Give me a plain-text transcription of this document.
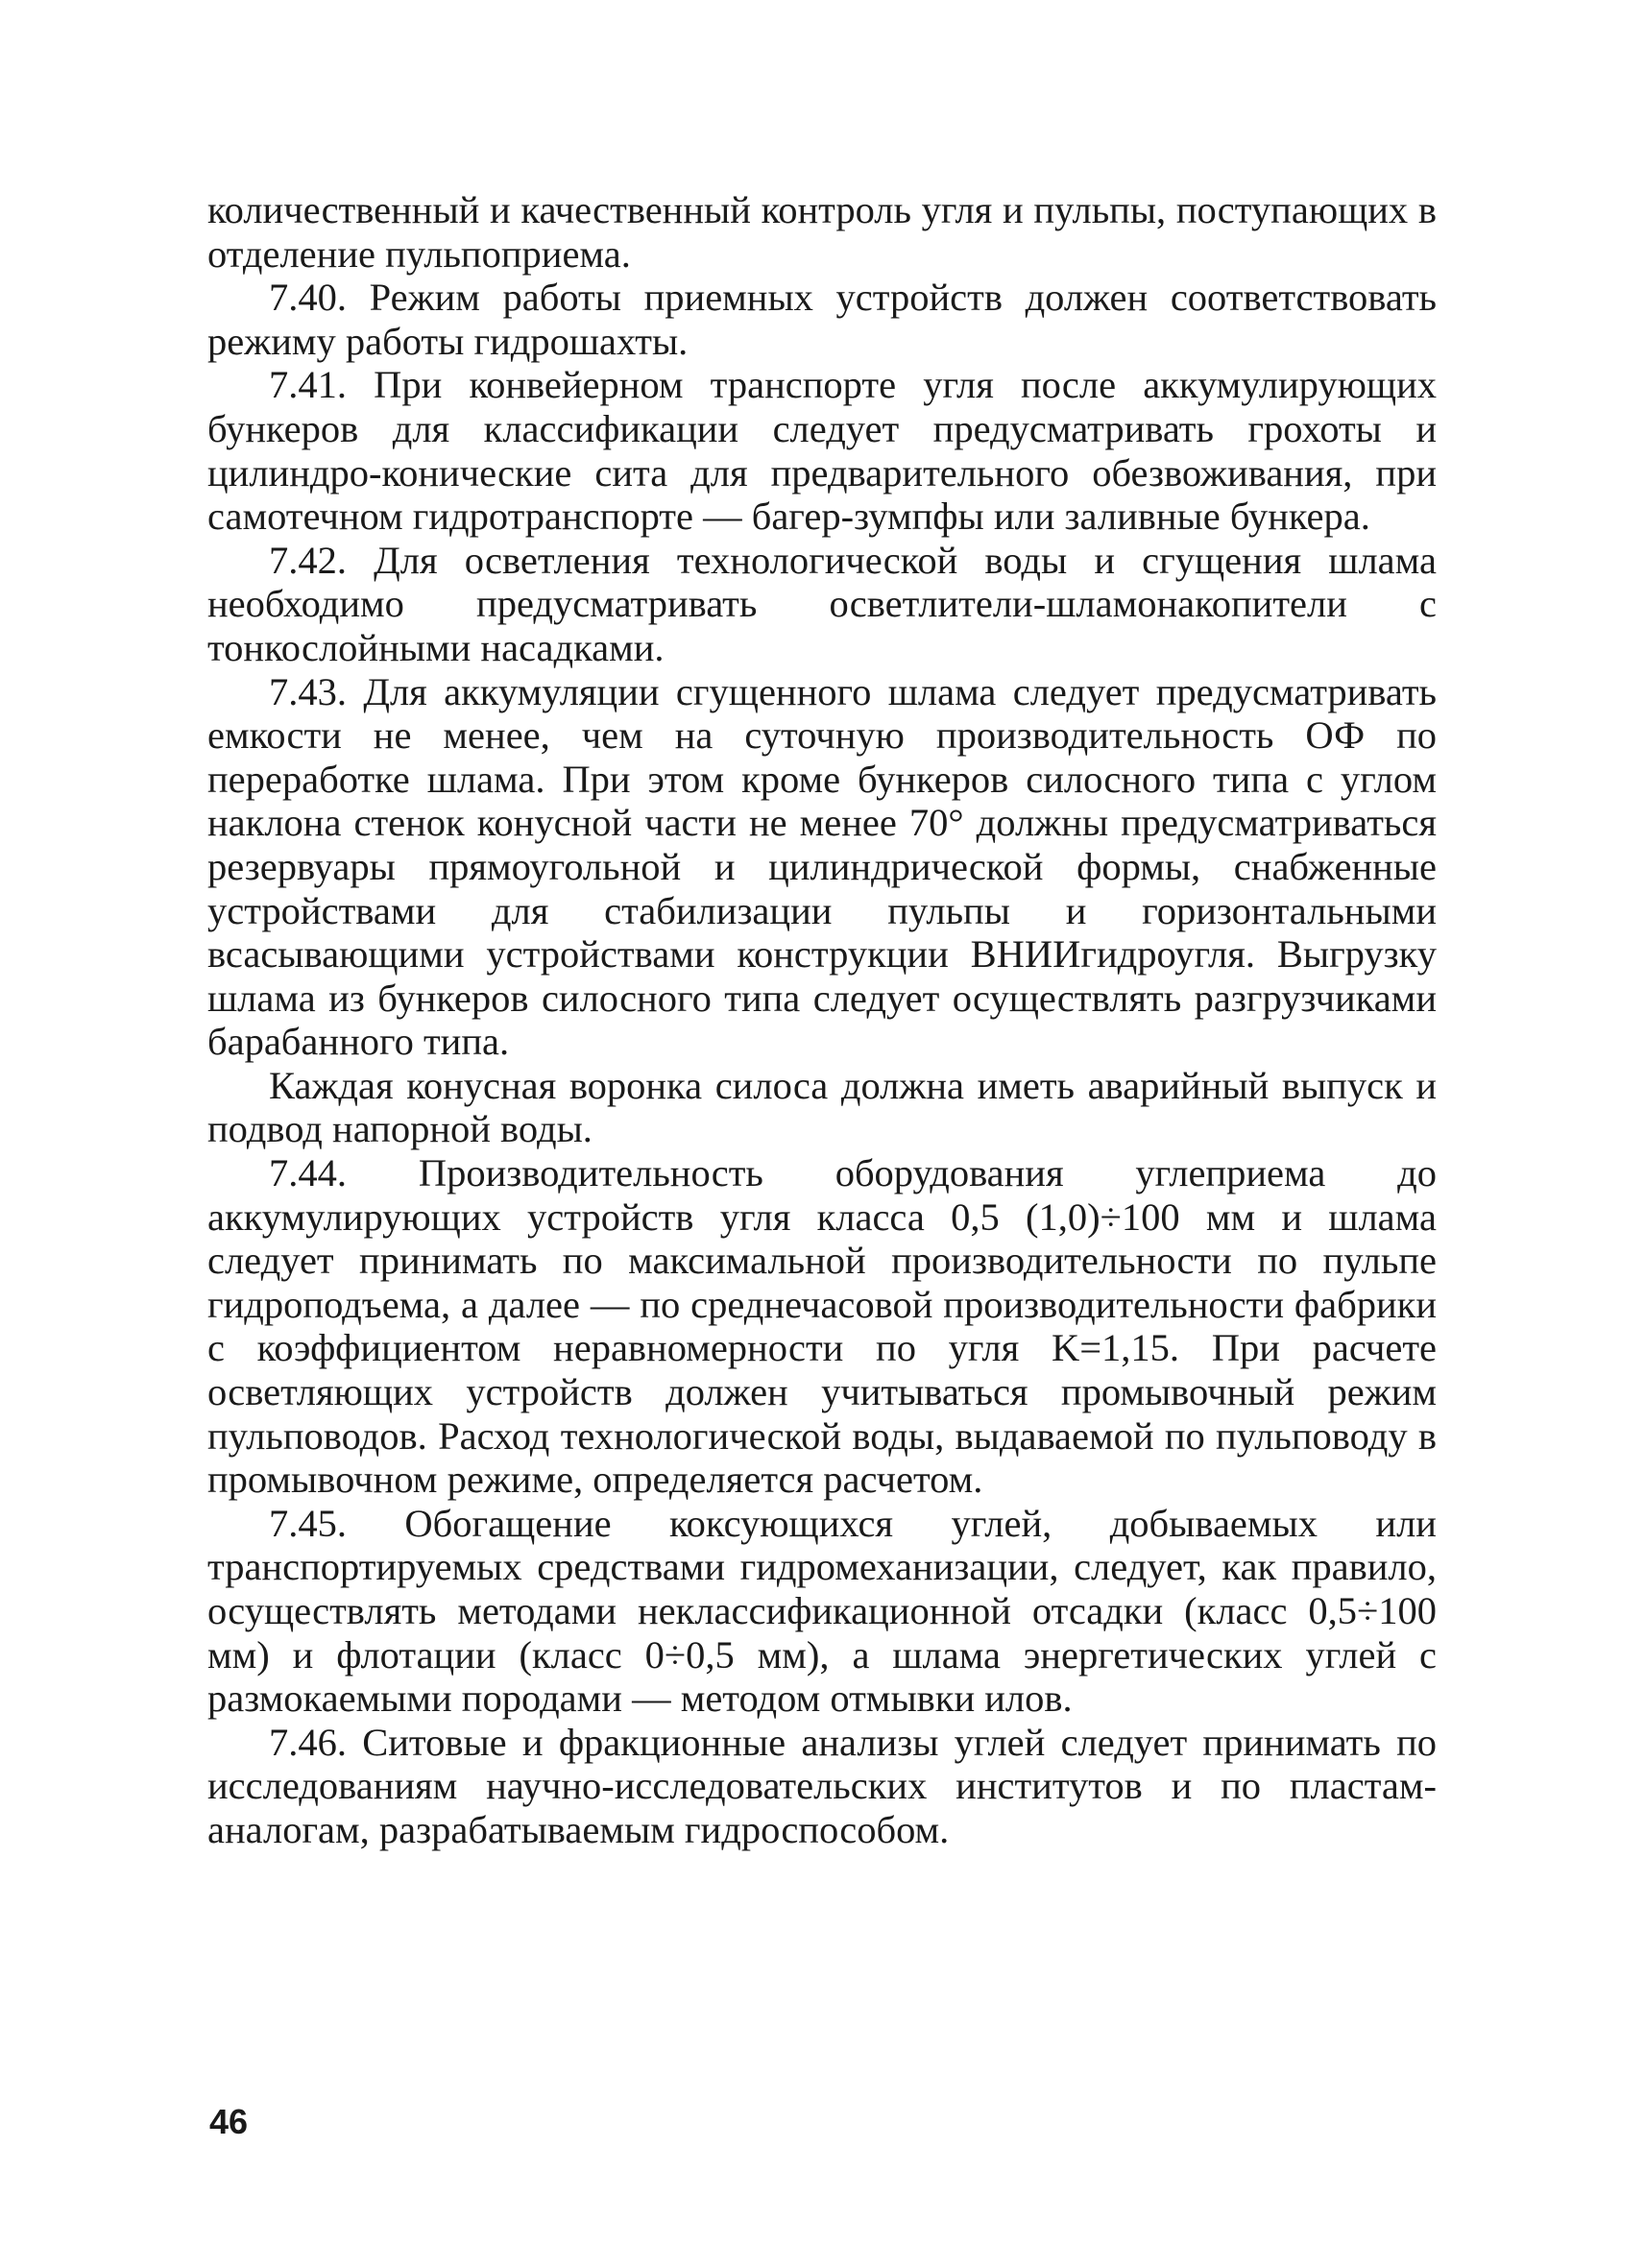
количественный и качественный контроль угля и пульпы, поступающих в отделение пульпоприема.

7.40. Режим работы приемных устройств должен соответствовать режиму работы гидрошахты.

7.41. При конвейерном транспорте угля после аккумулирующих бункеров для классификации следует предусматривать грохоты и цилиндро-конические сита для предварительного обезвоживания, при самотечном гидротранспорте — багер-зумпфы или заливные бункера.

7.42. Для осветления технологической воды и сгущения шлама необходимо предусматривать осветлители-шламонакопители с тонкослойными насадками.

7.43. Для аккумуляции сгущенного шлама следует предусматривать емкости не менее, чем на суточную производительность ОФ по переработке шлама. При этом кроме бункеров силосного типа с углом наклона стенок конусной части не менее 70° должны предусматриваться резервуары прямоугольной и цилиндрической формы, снабженные устройствами для стабилизации пульпы и горизонтальными всасывающими устройствами конструкции ВНИИгидроугля. Выгрузку шлама из бункеров силосного типа следует осуществлять разгрузчиками барабанного типа.

Каждая конусная воронка силоса должна иметь аварийный выпуск и подвод напорной воды.

7.44. Производительность оборудования углеприема до аккумулирующих устройств угля класса 0,5 (1,0)÷100 мм и шлама следует принимать по максимальной производительности по пульпе гидроподъема, а далее — по среднечасовой производительности фабрики с коэффициентом неравномерности по угля K=1,15. При расчете осветляющих устройств должен учитываться промывочный режим пульповодов. Расход технологической воды, выдаваемой по пульповоду в промывочном режиме, определяется расчетом.

7.45. Обогащение коксующихся углей, добываемых или транспортируемых средствами гидромеханизации, следует, как правило, осуществлять методами неклассификационной отсадки (класс 0,5÷100 мм) и флотации (класс 0÷0,5 мм), а шлама энергетических углей с размокаемыми породами — методом отмывки илов.

7.46. Ситовые и фракционные анализы углей следует принимать по исследованиям научно-исследовательских институтов и по пластам-аналогам, разрабатываемым гидроспособом.

46
